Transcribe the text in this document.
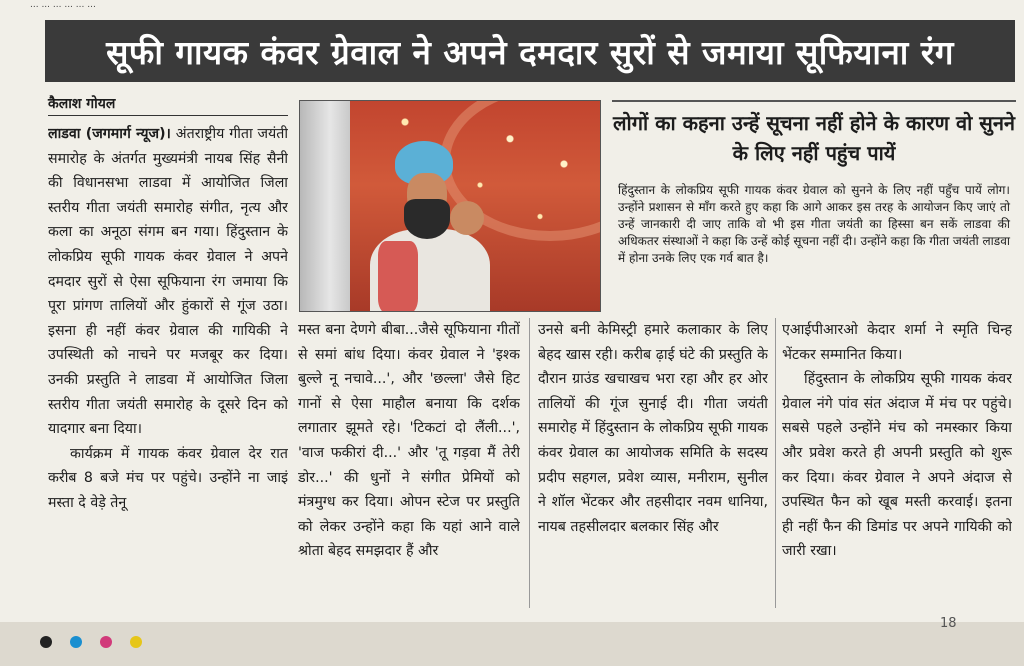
... ... ... ... ... ...
सूफी गायक कंवर ग्रेवाल ने अपने दमदार सुरों से जमाया सूफियाना रंग
कैलाश गोयल

लाडवा (जगमार्ग न्यूज)। अंतराष्ट्रीय गीता जयंती समारोह के अंतर्गत मुख्यमंत्री नायब सिंह सैनी की विधानसभा लाडवा में आयोजित जिला स्तरीय गीता जयंती समारोह संगीत, नृत्य और कला का अनूठा संगम बन गया। हिंदुस्तान के लोकप्रिय सूफी गायक कंवर ग्रेवाल ने अपने दमदार सुरों से ऐसा सूफियाना रंग जमाया कि पूरा प्रांगण तालियों और हुंकारों से गूंज उठा। इसना ही नहीं कंवर ग्रेवाल की गायिकी ने उपस्थिती को नाचने पर मजबूर कर दिया। उनकी प्रस्तुति ने लाडवा में आयोजित जिला स्तरीय गीता जयंती समारोह के दूसरे दिन को यादगार बना दिया।

कार्यक्रम में गायक कंवर ग्रेवाल देर रात करीब 8 बजे मंच पर पहुंचे। उन्होंने ना जाइं मस्ता दे वेड़े तेनू

लोगों का कहना उन्हें सूचना नहीं होने के कारण वो सुनने के लिए नहीं पहुंच पायें

हिंदुस्तान के लोकप्रिय सूफी गायक कंवर ग्रेवाल को सुनने के लिए नहीं पहुँच पायें लोग। उन्होंने प्रशासन से माँग करते हुए कहा कि आगे आकर इस तरह के आयोजन किए जाएं तो उन्हें जानकारी दी जाए ताकि वो भी इस गीता जयंती का हिस्सा बन सकें लाडवा की अधिकतर संस्थाओं ने कहा कि उन्हें कोई सूचना नहीं दी। उन्होंने कहा कि गीता जयंती लाडवा में होना उनके लिए एक गर्व बात है।

मस्त बना देणगे बीबा...जैसे सूफियाना गीतों से समां बांध दिया। कंवर ग्रेवाल ने 'इश्क बुल्ले नू नचावे...', और 'छल्ला' जैसे हिट गानों से ऐसा माहौल बनाया कि दर्शक लगातार झूमते रहे। 'टिकटां दो लैंली...', 'वाज फकीरां दी...' और 'तू गड़वा मैं तेरी डोर...' की धुनों ने संगीत प्रेमियों को मंत्रमुग्ध कर दिया। ओपन स्टेज पर प्रस्तुति को लेकर उन्होंने कहा कि यहां आने वाले श्रोता बेहद समझदार हैं और

उनसे बनी केमिस्ट्री हमारे कलाकार के लिए बेहद खास रही। करीब ढ़ाई घंटे की प्रस्तुति के दौरान ग्राउंड खचाखच भरा रहा और हर ओर तालियों की गूंज सुनाई दी। गीता जयंती समारोह में हिंदुस्तान के लोकप्रिय सूफी गायक कंवर ग्रेवाल का आयोजक समिति के सदस्य प्रदीप सहगल, प्रवेश व्यास, मनीराम, सुनील ने शॉल भेंटकर और तहसीदार नवम धानिया, नायब तहसीलदार बलकार सिंह और

एआईपीआरओ केदार शर्मा ने स्मृति चिन्ह भेंटकर सम्मानित किया।

हिंदुस्तान के लोकप्रिय सूफी गायक कंवर ग्रेवाल नंगे पांव संत अंदाज में मंच पर पहुंचे। सबसे पहले उन्होंने मंच को नमस्कार किया और प्रवेश करते ही अपनी प्रस्तुति को शुरू कर दिया। कंवर ग्रेवाल ने अपने अंदाज से उपस्थित फैन को खूब मस्ती करवाई। इतना ही नहीं फैन की डिमांड पर अपने गायिकी को जारी रखा।

18
